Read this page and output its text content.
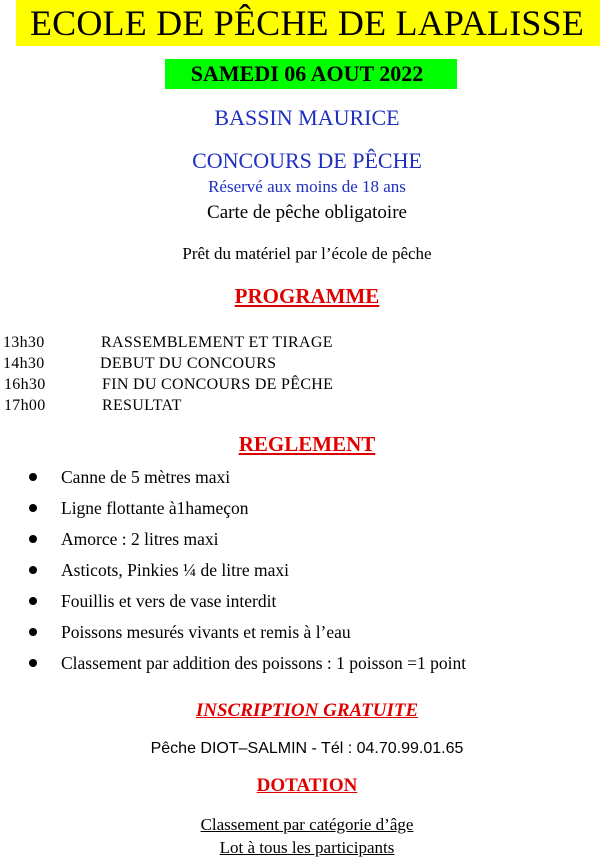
ECOLE DE PÊCHE DE LAPALISSE
SAMEDI 06 AOUT 2022
BASSIN MAURICE
CONCOURS DE PÊCHE
Réservé aux moins de 18 ans
Carte de pêche obligatoire
Prêt du matériel par l’école de pêche
PROGRAMME
13h30	RASSEMBLEMENT ET TIRAGE
14h30	DEBUT DU CONCOURS
16h30	FIN DU CONCOURS DE PÊCHE
17h00	RESULTAT
REGLEMENT
Canne de 5 mètres maxi
Ligne flottante à1hameçon
Amorce : 2 litres maxi
Asticots, Pinkies ¼ de litre maxi
Fouillis et vers de vase interdit
Poissons mesurés vivants et remis à l’eau
Classement par addition des poissons : 1 poisson =1 point
INSCRIPTION GRATUITE
Pêche DIOT–SALMIN - Tél : 04.70.99.01.65
DOTATION
Classement par catégorie d’âge
Lot à tous les participants
